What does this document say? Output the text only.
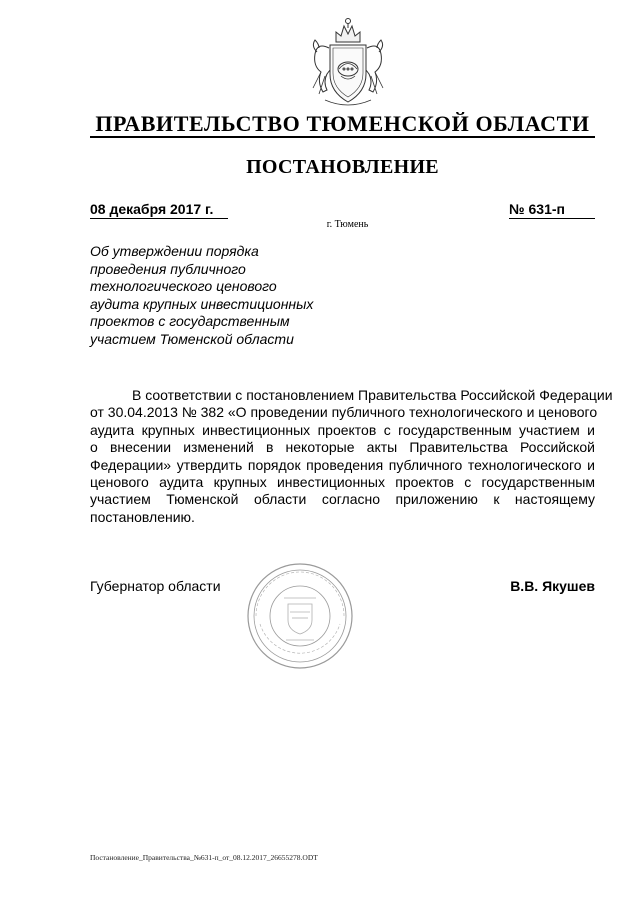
ПРАВИТЕЛЬСТВО ТЮМЕНСКОЙ ОБЛАСТИ
ПОСТАНОВЛЕНИЕ
08 декабря 2017 г.	№ 631-п
г. Тюмень
Об утверждении порядка
проведения публичного
технологического ценового
аудита крупных инвестиционных
проектов с государственным
участием Тюменской области
В соответствии с постановлением Правительства Российской Федерации
от 30.04.2013 № 382 «О проведении публичного технологического и ценового
аудита крупных инвестиционных проектов с государственным участием и
о внесении изменений в некоторые акты Правительства Российской
Федерации» утвердить порядок проведения публичного технологического и
ценового аудита крупных инвестиционных проектов с государственным
участием Тюменской области согласно приложению к настоящему
постановлению.
Губернатор области	В.В. Якушев
Постановление_Правительства_№631-п_от_08.12.2017_26655278.ODT
